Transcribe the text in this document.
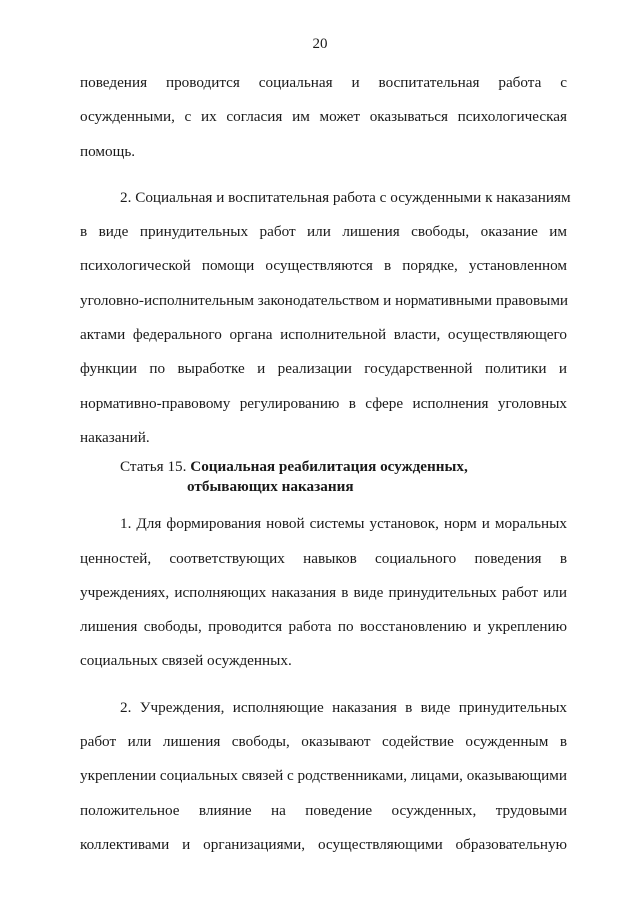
20
поведения проводится социальная и воспитательная работа с
осужденными, с их согласия им может оказываться психологическая
помощь.
2. Социальная и воспитательная работа с осужденными к наказаниям
в виде принудительных работ или лишения свободы, оказание им
психологической помощи осуществляются в порядке, установленном
уголовно-исполнительным законодательством и нормативными правовыми
актами федерального органа исполнительной власти, осуществляющего
функции по выработке и реализации государственной политики и
нормативно-правовому регулированию в сфере исполнения уголовных
наказаний.
Статья 15. Социальная реабилитация осужденных,
отбывающих наказания
1. Для формирования новой системы установок, норм и моральных
ценностей, соответствующих навыков социального поведения в
учреждениях, исполняющих наказания в виде принудительных работ или
лишения свободы, проводится работа по восстановлению и укреплению
социальных связей осужденных.
2. Учреждения, исполняющие наказания в виде принудительных
работ или лишения свободы, оказывают содействие осужденным в
укреплении социальных связей с родственниками, лицами, оказывающими
положительное влияние на поведение осужденных, трудовыми
коллективами и организациями, осуществляющими образовательную
